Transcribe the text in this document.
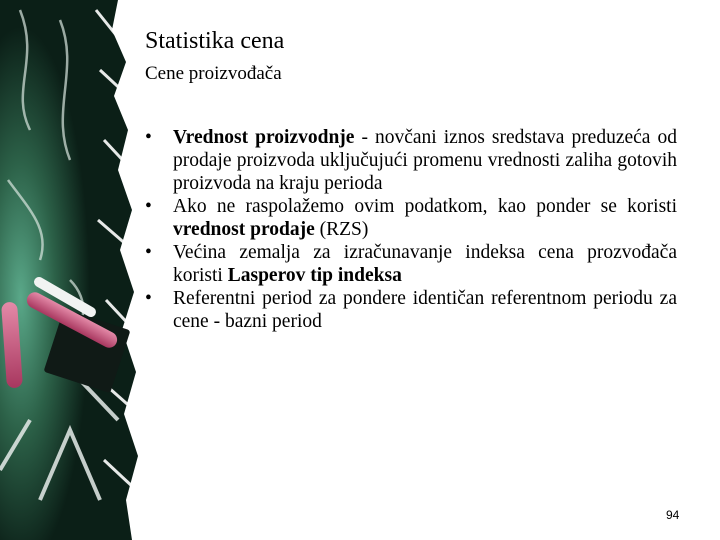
Statistika cena
Cene proizvođača
• Vrednost proizvodnje - novčani iznos sredstava preduzeća od prodaje proizvoda uključujući promenu vrednosti zaliha gotovih proizvoda na kraju perioda
• Ako ne raspolažemo ovim podatkom, kao ponder se koristi vrednost prodaje (RZS)
• Većina zemalja za izračunavanje indeksa cena prozvođača koristi Lasperov tip indeksa
• Referentni period za pondere identičan referentnom periodu za cene - bazni period
94
